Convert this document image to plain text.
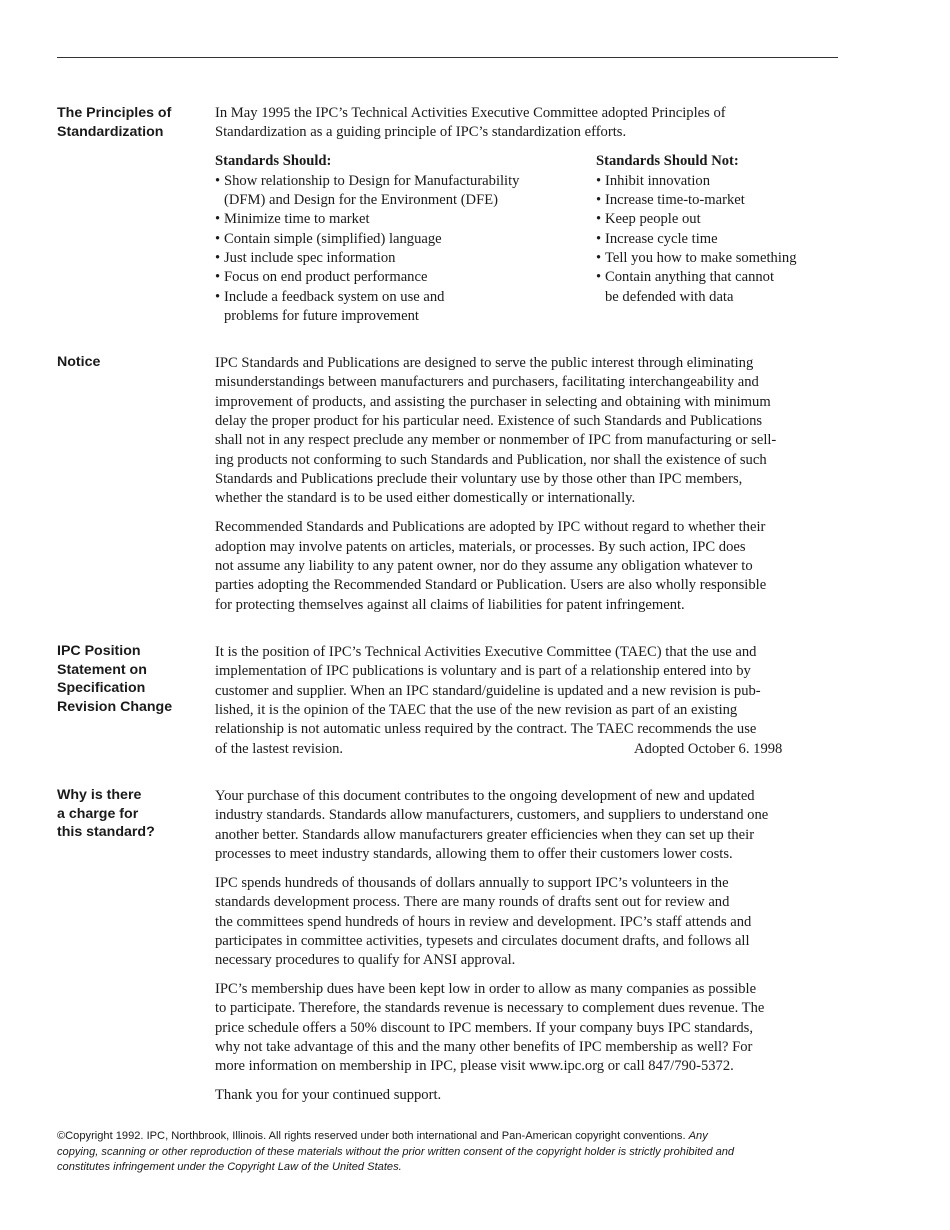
The Principles of
Standardization

In May 1995 the IPC’s Technical Activities Executive Committee adopted Principles of
Standardization as a guiding principle of IPC’s standardization efforts.

Standards Should:
• Show relationship to Design for Manufacturability
(DFM) and Design for the Environment (DFE)
• Minimize time to market
• Contain simple (simplified) language
• Just include spec information
• Focus on end product performance
• Include a feedback system on use and
problems for future improvement
Standards Should Not:
• Inhibit innovation
• Increase time-to-market
• Keep people out
• Increase cycle time
• Tell you how to make something
• Contain anything that cannot
be defended with data
Notice	IPC Standards and Publications are designed to serve the public interest through eliminating
misunderstandings between manufacturers and purchasers, facilitating interchangeability and
improvement of products, and assisting the purchaser in selecting and obtaining with minimum
delay the proper product for his particular need. Existence of such Standards and Publications
shall not in any respect preclude any member or nonmember of IPC from manufacturing or sell-
ing products not conforming to such Standards and Publication, nor shall the existence of such
Standards and Publications preclude their voluntary use by those other than IPC members,
whether the standard is to be used either domestically or internationally.

Recommended Standards and Publications are adopted by IPC without regard to whether their
adoption may involve patents on articles, materials, or processes. By such action, IPC does
not assume any liability to any patent owner, nor do they assume any obligation whatever to
parties adopting the Recommended Standard or Publication. Users are also wholly responsible
for protecting themselves against all claims of liabilities for patent infringement.

IPC Position
Statement on
Specification
Revision Change

It is the position of IPC’s Technical Activities Executive Committee (TAEC) that the use and
implementation of IPC publications is voluntary and is part of a relationship entered into by
customer and supplier. When an IPC standard/guideline is updated and a new revision is pub-
lished, it is the opinion of the TAEC that the use of the new revision as part of an existing
relationship is not automatic unless required by the contract. The TAEC recommends the use
of the lastest revision.	Adopted October 6. 1998

Why is there
a charge for
this standard?

Your purchase of this document contributes to the ongoing development of new and updated
industry standards. Standards allow manufacturers, customers, and suppliers to understand one
another better. Standards allow manufacturers greater efficiencies when they can set up their
processes to meet industry standards, allowing them to offer their customers lower costs.

IPC spends hundreds of thousands of dollars annually to support IPC’s volunteers in the
standards development process. There are many rounds of drafts sent out for review and
the committees spend hundreds of hours in review and development. IPC’s staff attends and
participates in committee activities, typesets and circulates document drafts, and follows all
necessary procedures to qualify for ANSI approval.

IPC’s membership dues have been kept low in order to allow as many companies as possible
to participate. Therefore, the standards revenue is necessary to complement dues revenue. The
price schedule offers a 50% discount to IPC members. If your company buys IPC standards,
why not take advantage of this and the many other benefits of IPC membership as well? For
more information on membership in IPC, please visit www.ipc.org or call 847/790-5372.

Thank you for your continued support.

©Copyright 1992. IPC, Northbrook, Illinois. All rights reserved under both international and Pan-American copyright conventions. Any
copying, scanning or other reproduction of these materials without the prior written consent of the copyright holder is strictly prohibited and
constitutes infringement under the Copyright Law of the United States.
